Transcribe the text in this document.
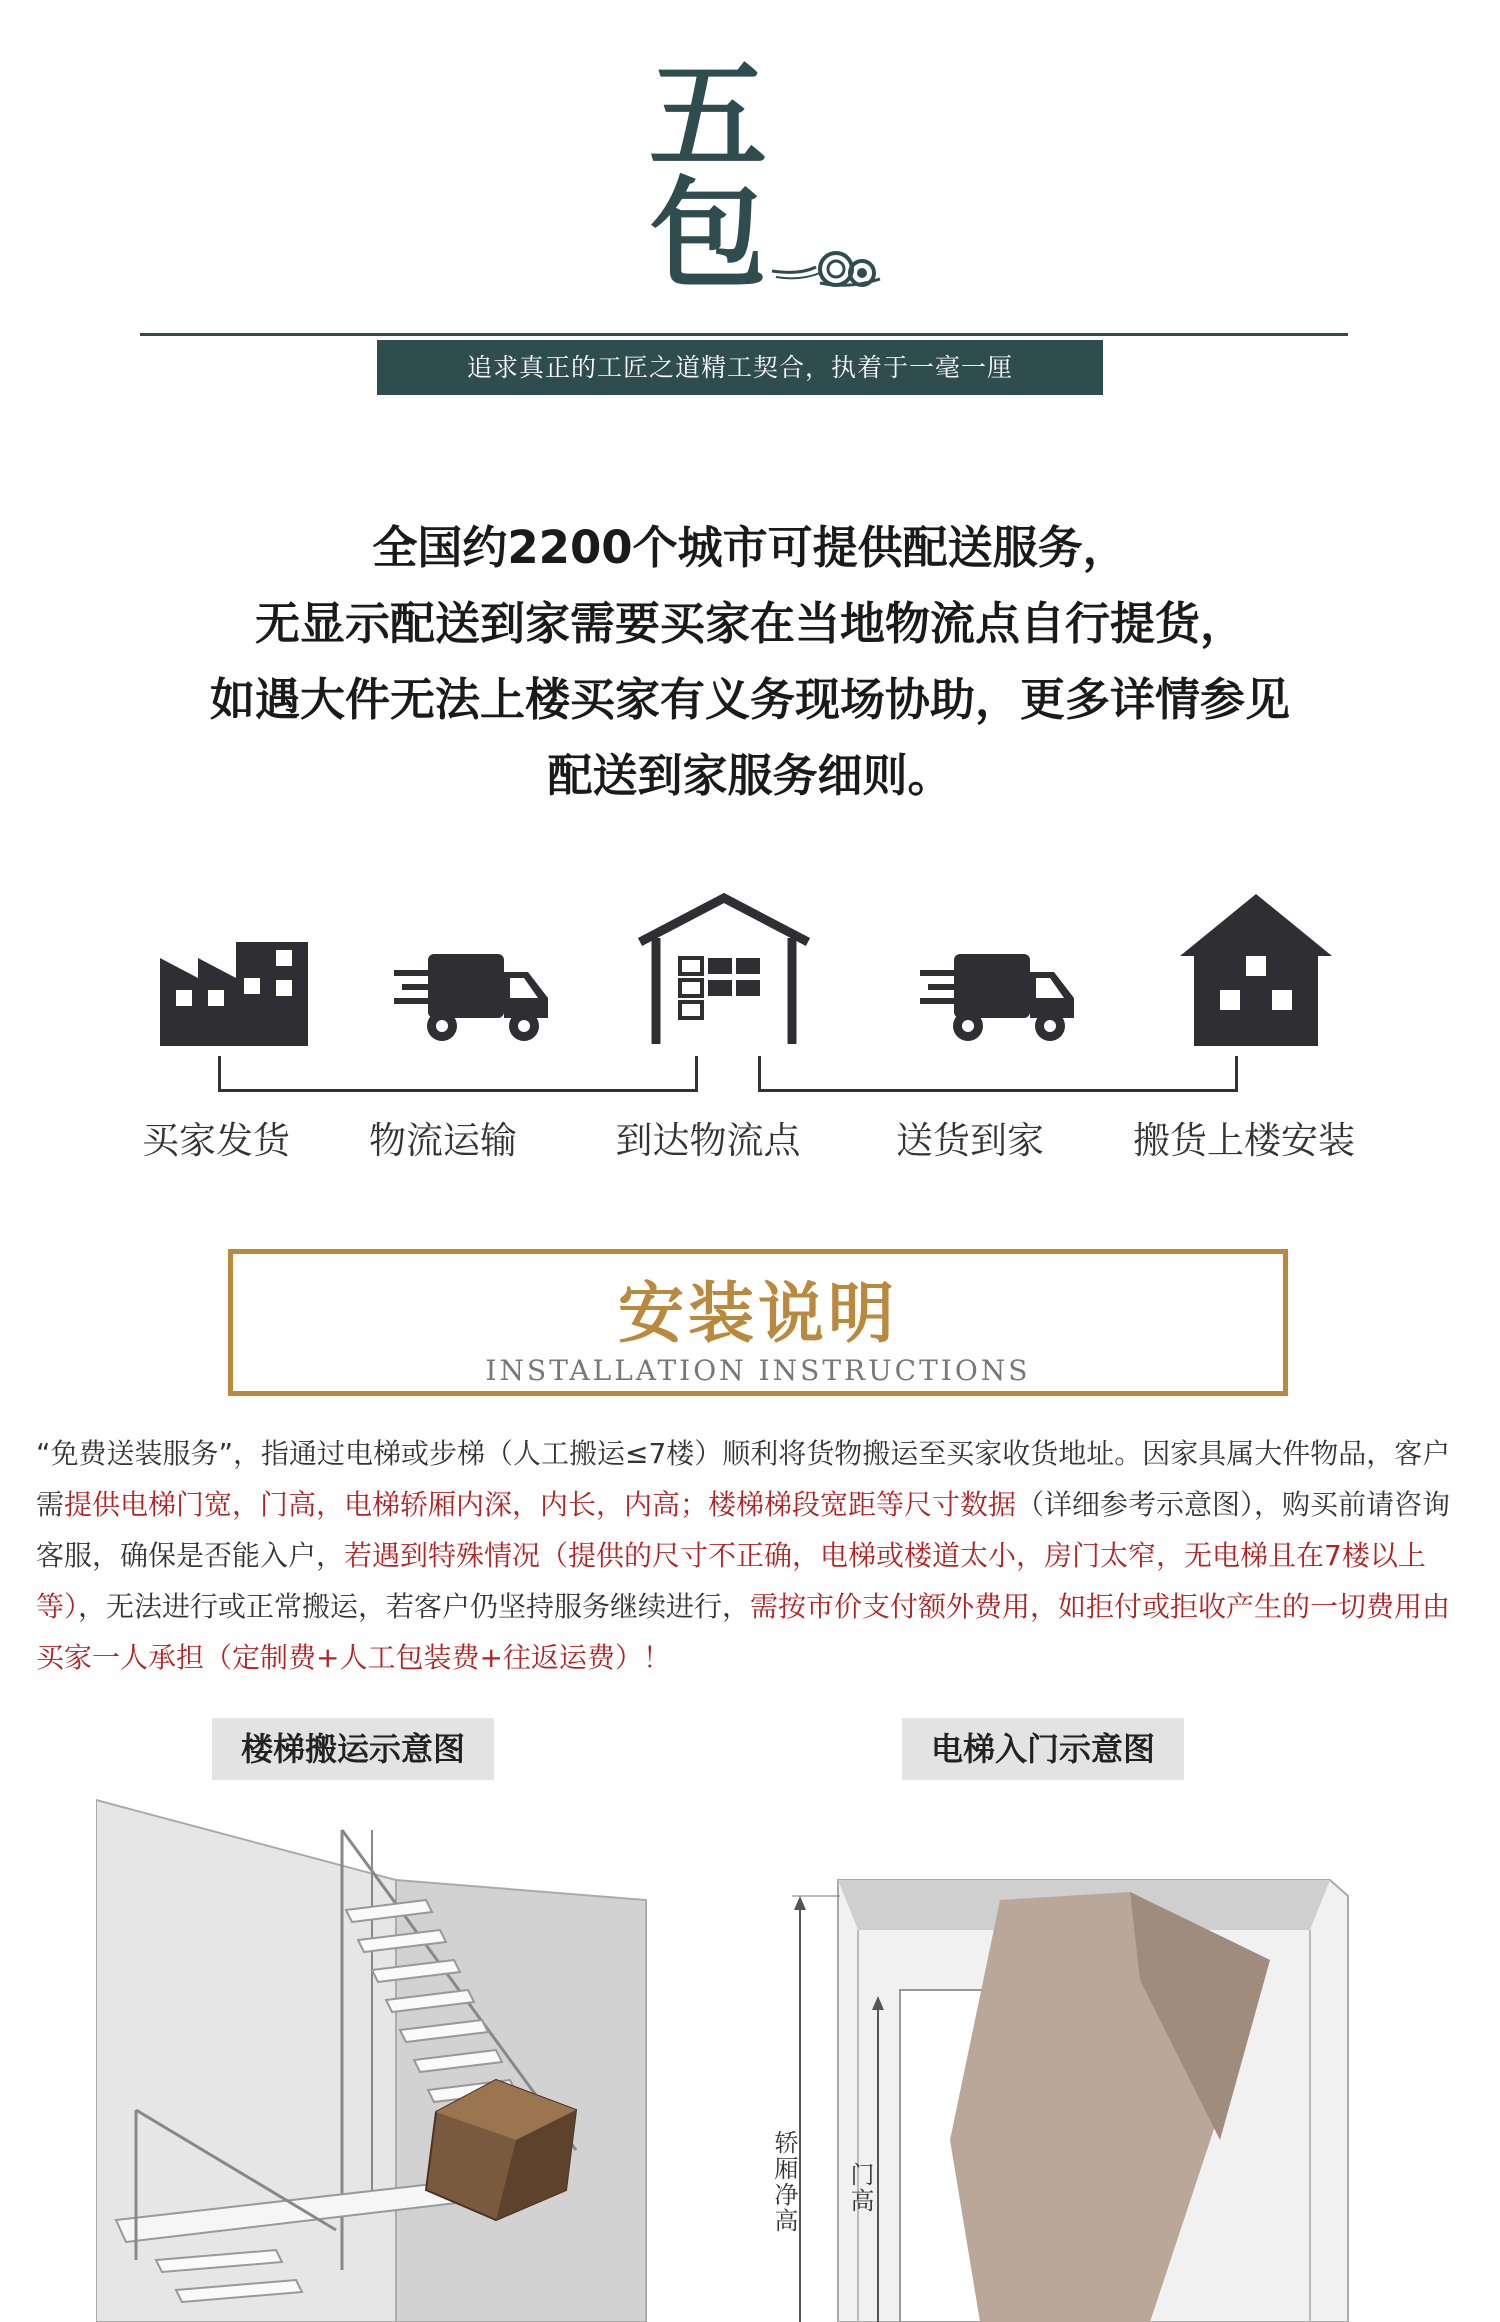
五
包
追求真正的工匠之道精工契合，执着于一毫一厘
全国约2200个城市可提供配送服务，
无显示配送到家需要买家在当地物流点自行提货，
如遇大件无法上楼买家有义务现场协助，更多详情参见
配送到家服务细则。
买家发货	物流运输	到达物流点	送货到家	搬货上楼安装
安装说明
INSTALLATION INSTRUCTIONS
“免费送装服务”，指通过电梯或步梯（人工搬运≤7楼）顺利将货物搬运至买家收货地址。因家具属大件物品，客户需提供电梯门宽，门高，电梯轿厢内深，内长，内高；楼梯梯段宽距等尺寸数据（详细参考示意图），购买前请咨询客服，确保是否能入户，若遇到特殊情况（提供的尺寸不正确，电梯或楼道太小，房门太窄，无电梯且在7楼以上等），无法进行或正常搬运，若客户仍坚持服务继续进行，需按市价支付额外费用，如拒付或拒收产生的一切费用由买家一人承担（定制费+人工包装费+往返运费）！
楼梯搬运示意图	电梯入门示意图
轿厢净高 门高
